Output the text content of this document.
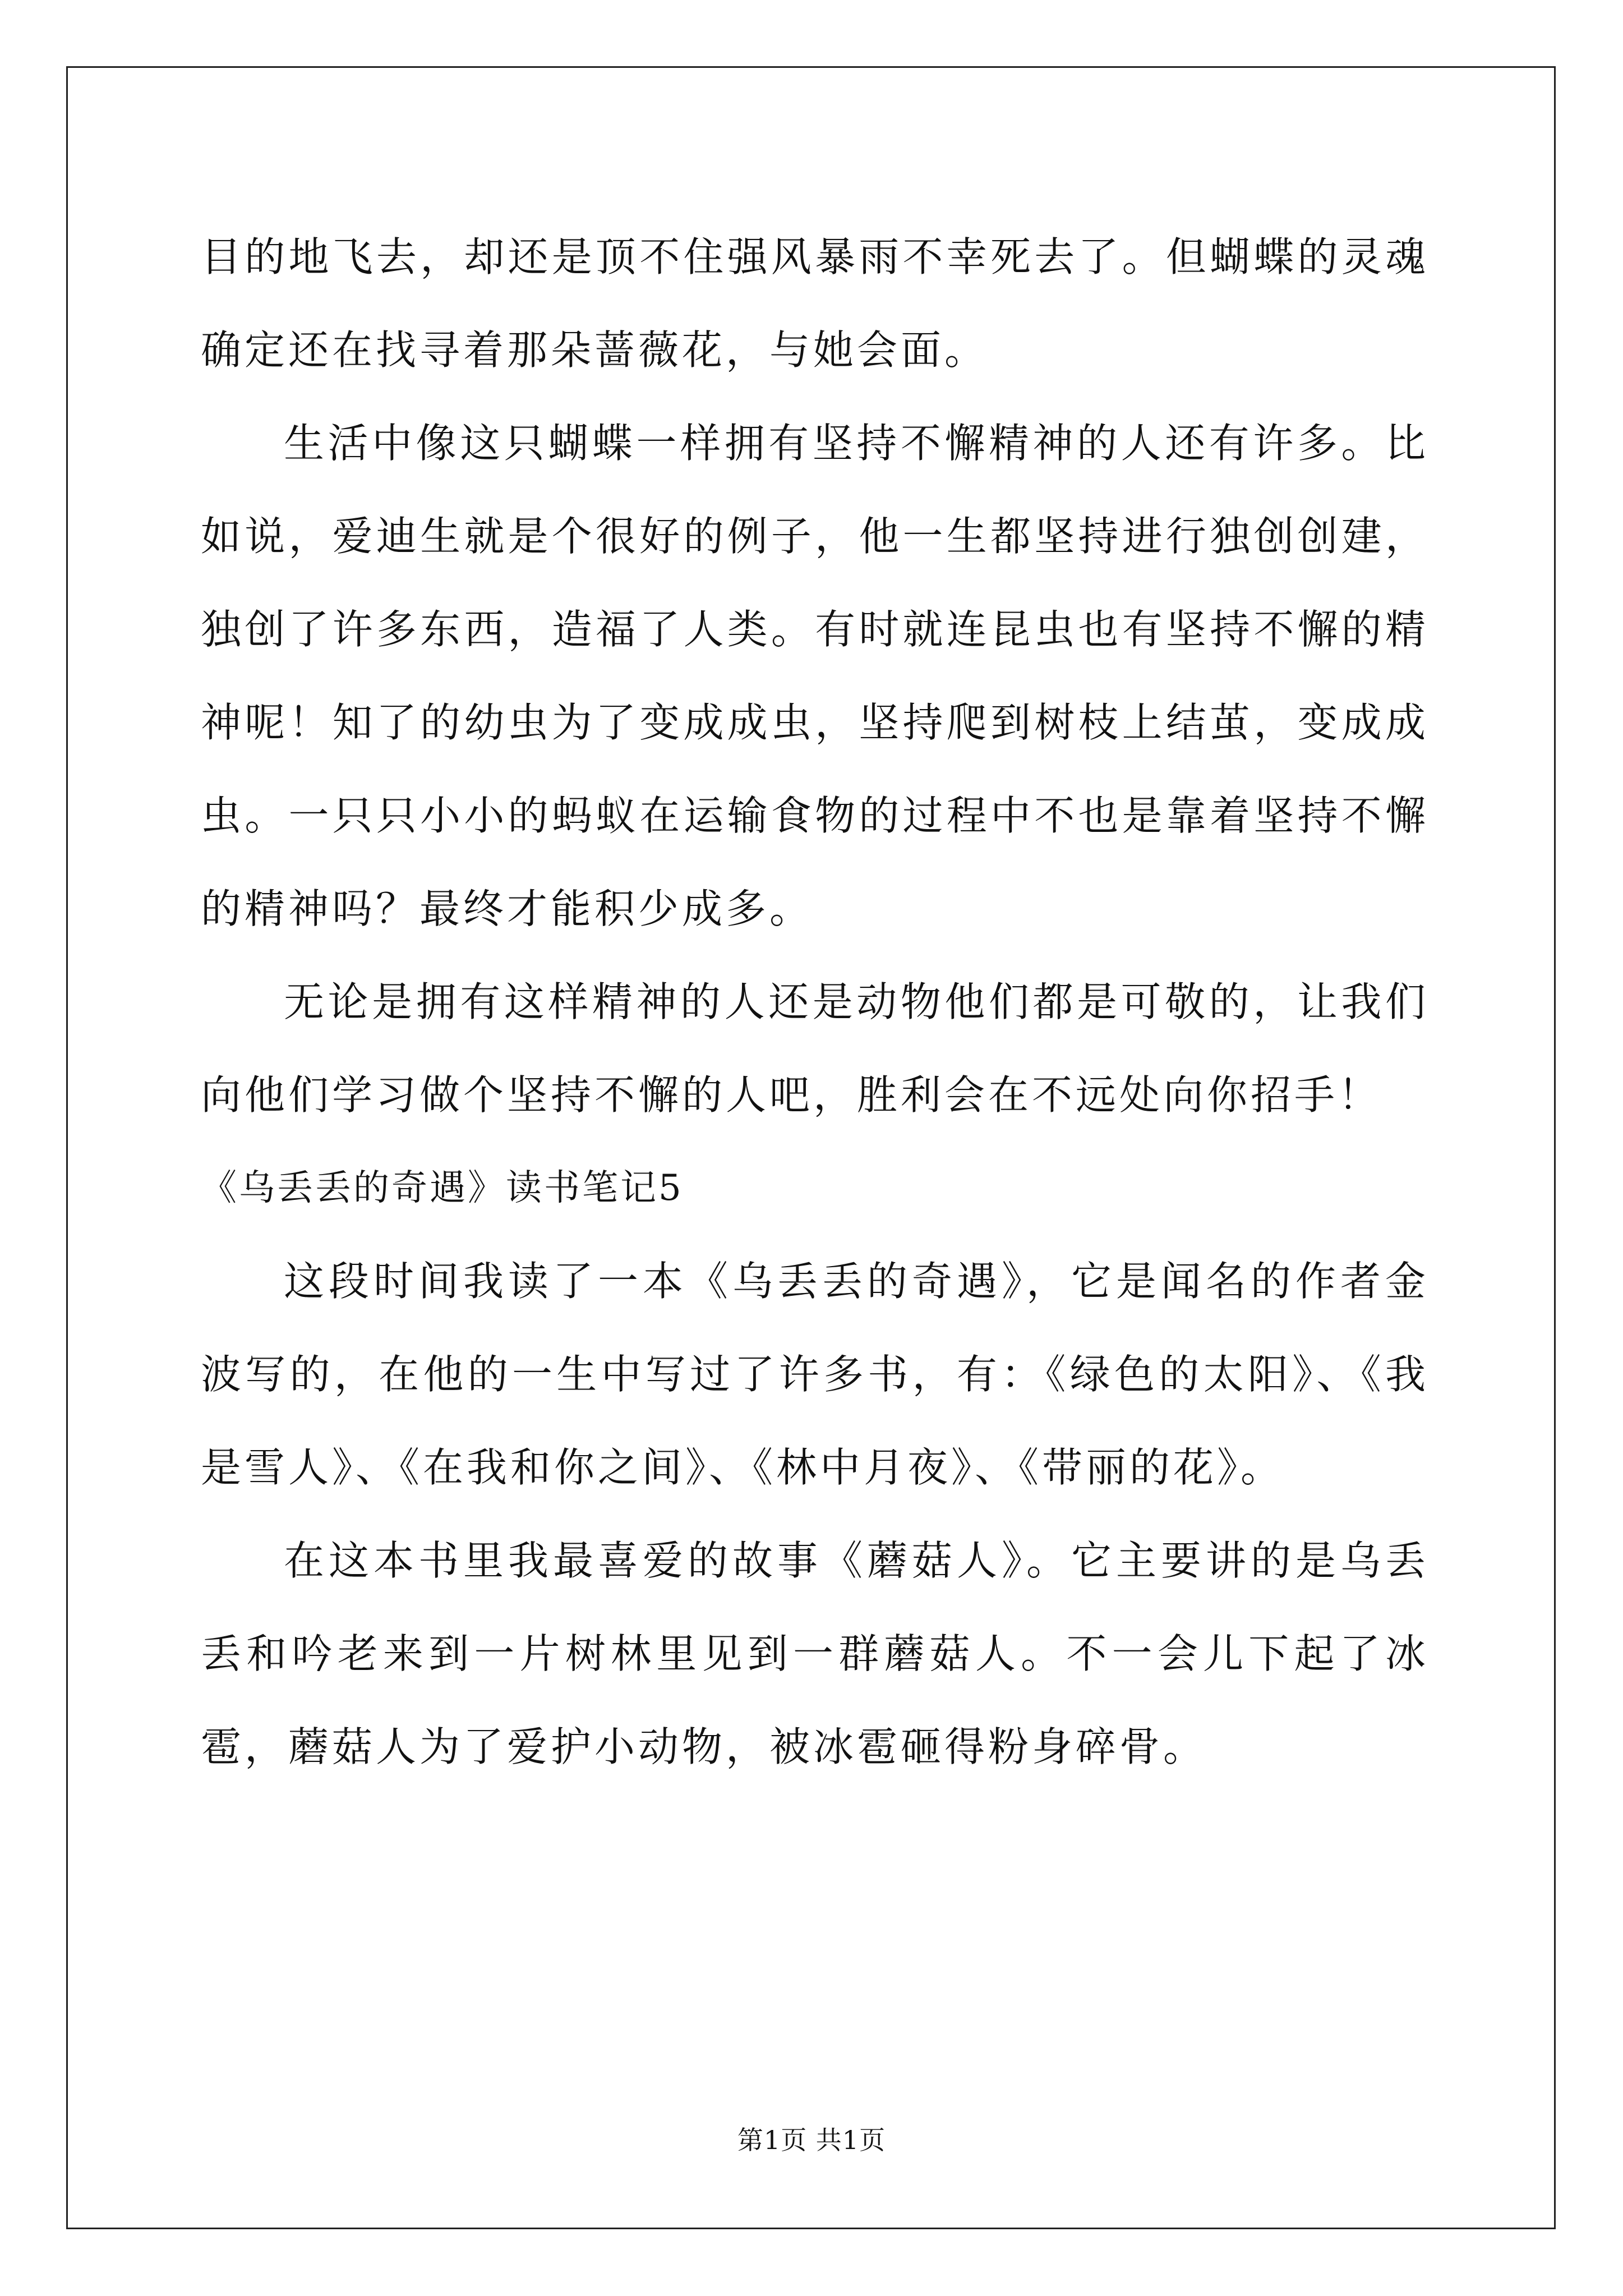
目的地飞去，却还是顶不住强风暴雨不幸死去了。但蝴蝶的灵魂确定还在找寻着那朵蔷薇花，与她会面。

生活中像这只蝴蝶一样拥有坚持不懈精神的人还有许多。比如说，爱迪生就是个很好的例子，他一生都坚持进行独创创建，独创了许多东西，造福了人类。有时就连昆虫也有坚持不懈的精神呢！知了的幼虫为了变成成虫，坚持爬到树枝上结茧，变成成虫。一只只小小的蚂蚁在运输食物的过程中不也是靠着坚持不懈的精神吗？最终才能积少成多。

无论是拥有这样精神的人还是动物他们都是可敬的，让我们向他们学习做个坚持不懈的人吧，胜利会在不远处向你招手！

《乌丢丢的奇遇》读书笔记5

这段时间我读了一本《乌丢丢的奇遇》，它是闻名的作者金波写的，在他的一生中写过了许多书，有：《绿色的太阳》、《我是雪人》、《在我和你之间》、《林中月夜》、《带丽的花》。

在这本书里我最喜爱的故事《蘑菇人》。它主要讲的是乌丢丢和吟老来到一片树林里见到一群蘑菇人。不一会儿下起了冰雹，蘑菇人为了爱护小动物，被冰雹砸得粉身碎骨。

第1页 共1页
